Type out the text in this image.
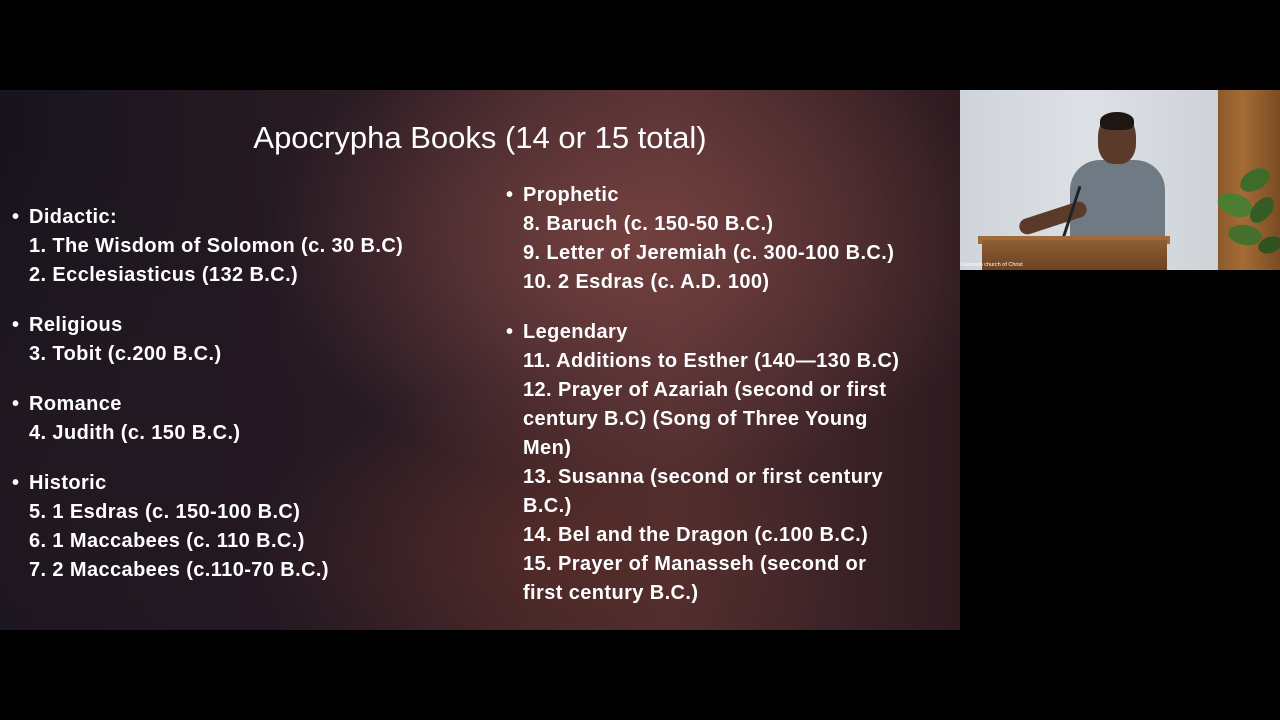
Apocrypha Books (14 or 15 total)
• Didactic:
1. The Wisdom of Solomon (c. 30 B.C)
2. Ecclesiasticus (132 B.C.)
• Religious
3. Tobit (c.200 B.C.)
• Romance
4. Judith (c. 150 B.C.)
• Historic
5. 1 Esdras (c. 150-100 B.C)
6. 1 Maccabees (c. 110 B.C.)
7. 2 Maccabees (c.110-70 B.C.)
• Prophetic
8. Baruch (c. 150-50 B.C.)
9. Letter of Jeremiah (c. 300-100 B.C.)
10. 2 Esdras (c. A.D. 100)
• Legendary
11. Additions to Esther (140—130 B.C)
12. Prayer of Azariah (second or first
century B.C) (Song of Three Young
Men)
13. Susanna (second or first century
B.C.)
14. Bel and the Dragon (c.100 B.C.)
15. Prayer of Manasseh (second or
first century B.C.)
Honolulu church of Christ
